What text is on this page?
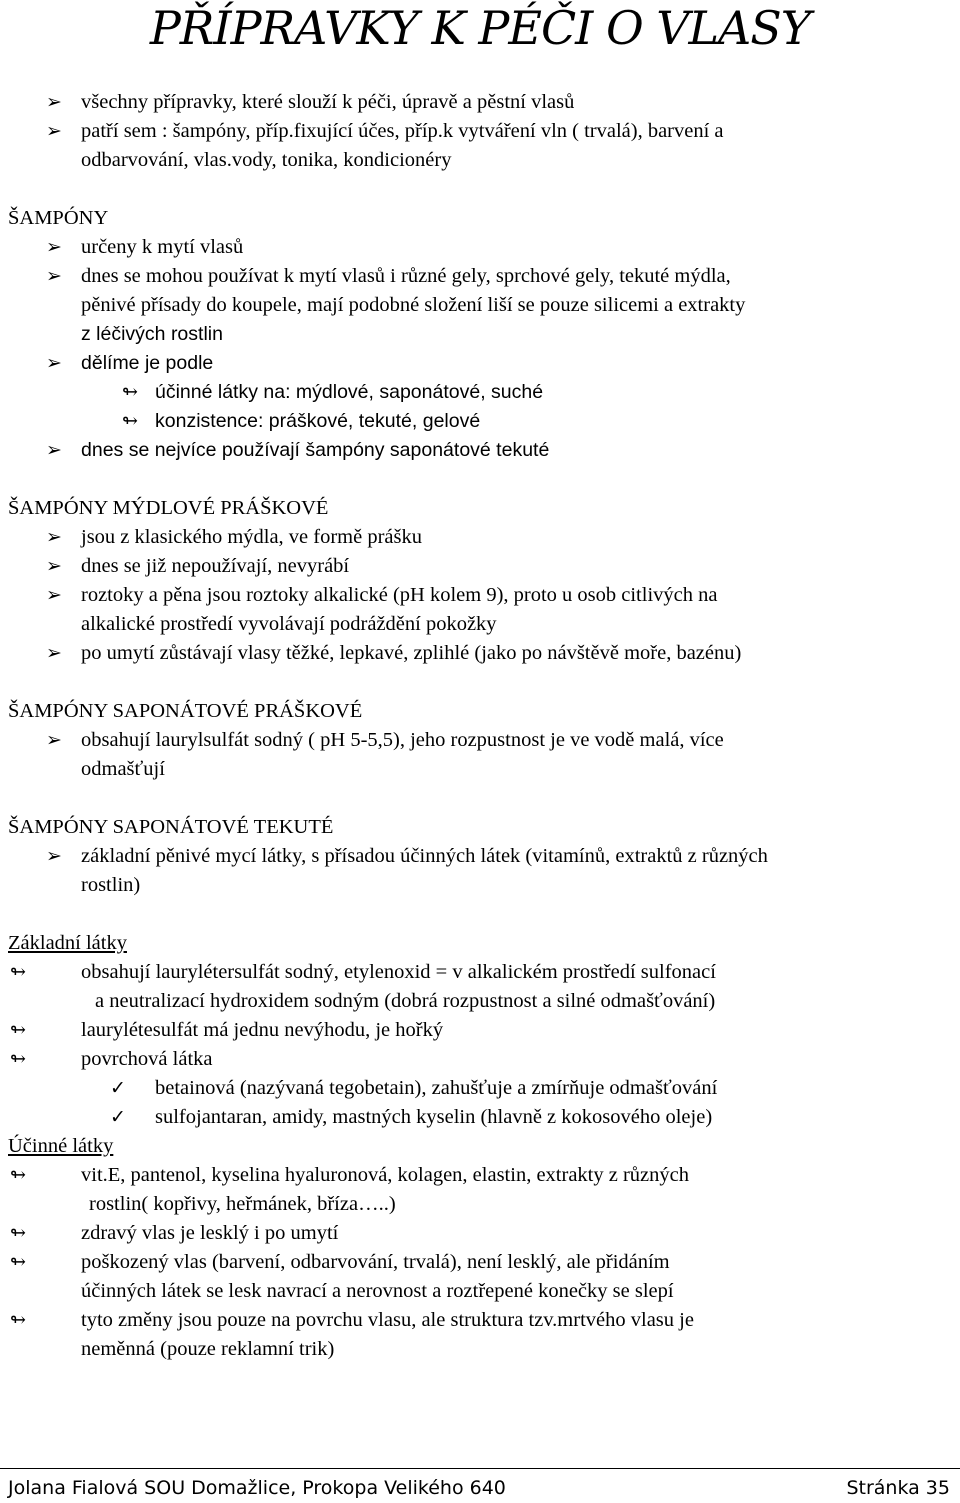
PŘÍPRAVKY K PÉČI O VLASY
➢ všechny přípravky, které slouží k péči, úpravě a pěstní vlasů
➢ patří sem : šampóny, příp.fixující účes, příp.k vytváření vln ( trvalá), barvení a
odbarvování, vlas.vody, tonika, kondicionéry
ŠAMPÓNY
➢ určeny k mytí vlasů
➢ dnes se mohou používat k mytí vlasů i různé gely, sprchové gely, tekuté mýdla,
pěnivé přísady do koupele, mají podobné složení liší se pouze silicemi a extrakty
z léčivých rostlin
➢ dělíme je podle
↬ účinné látky na: mýdlové, saponátové, suché
↬ konzistence: práškové, tekuté, gelové
➢ dnes se nejvíce používají šampóny saponátové tekuté
ŠAMPÓNY MÝDLOVÉ PRÁŠKOVÉ
➢ jsou z klasického mýdla, ve formě prášku
➢ dnes se již nepoužívají, nevyrábí
➢ roztoky a pěna jsou roztoky alkalické (pH kolem 9), proto u osob citlivých na
alkalické prostředí vyvolávají podráždění pokožky
➢ po umytí zůstávají vlasy těžké, lepkavé, zplihlé (jako po návštěvě moře, bazénu)
ŠAMPÓNY SAPONÁTOVÉ PRÁŠKOVÉ
➢ obsahují laurylsulfát sodný ( pH 5-5,5), jeho rozpustnost je ve vodě malá, více
odmašťují
ŠAMPÓNY SAPONÁTOVÉ TEKUTÉ
➢ základní pěnivé mycí látky, s přísadou účinných látek (vitamínů, extraktů z různých
rostlin)
Základní látky
↬	obsahují laurylétersulfát sodný, etylenoxid = v alkalickém prostředí sulfonací
a neutralizací hydroxidem sodným (dobrá rozpustnost a silné odmašťování)
↬	laurylétesulfát má jednu nevýhodu, je hořký
↬	povrchová látka
✓ betainová (nazývaná tegobetain), zahušťuje a zmírňuje odmašťování
✓ sulfojantaran, amidy, mastných kyselin (hlavně z kokosového oleje)
Účinné látky
↬	vit.E, pantenol, kyselina hyaluronová, kolagen, elastin, extrakty z různých
rostlin( kopřivy, heřmánek, bříza…..)
↬	zdravý vlas je lesklý i po umytí
↬	poškozený vlas (barvení, odbarvování, trvalá), není lesklý, ale přidáním
účinných látek se lesk navrací a nerovnost a roztřepené konečky se slepí
↬	tyto změny jsou pouze na povrchu vlasu, ale struktura tzv.mrtvého vlasu je
neměnná (pouze reklamní trik)
Jolana Fialová SOU Domažlice, Prokopa Velikého 640	Stránka 35
